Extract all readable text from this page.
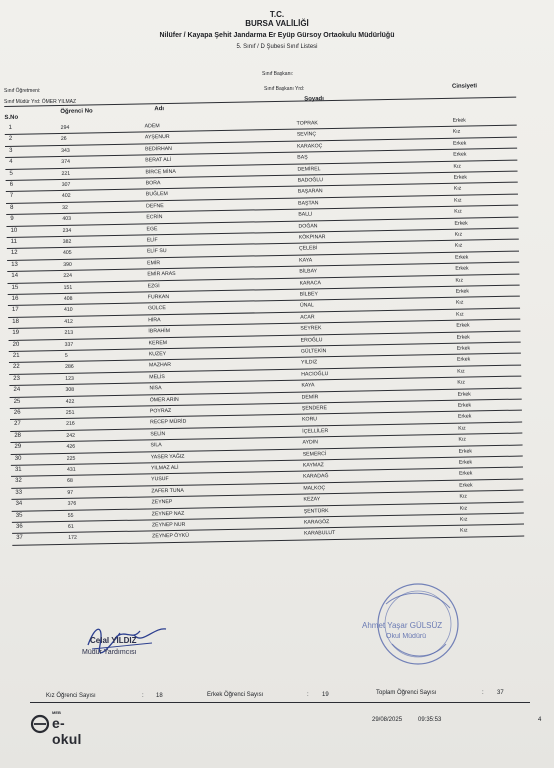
T.C.
BURSA VALİLİĞİ
Nilüfer / Kayapa Şehit Jandarma Er Eyüp Gürsoy Ortaokulu Müdürlüğü
5. Sınıf / D Şubesi Sınıf Listesi
Sınıf Başkanı:
Sınıf Öğretmeni:	Sınıf Başkanı Yrd:
Sınıf Müdür Yrd: ÖMER YILMAZ
Cinsiyeti
S.No
Öğrenci No	Adı
Soyadı
1	294	ADEM	TOPRAK	Erkek
2	26	AYŞENUR	SEVİNÇ	Kız
3	343	BEDİRHAN	KARAKOÇ	Erkek
4	374	BERAT ALİ	BAŞ	Erkek
5	221	BİRCE MİNA	DEMİREL	Kız
6	307	BORA	BADOĞLU	Erkek
7	402	BUĞLEM	BAŞARAN	Kız
8	32	DEFNE	BAŞTAN	Kız
9	403	ECRİN	BALLI	Kız
10	234	EGE	DOĞAN	Erkek
11	382	ELİF	KÖKPINAR	Kız
12	405	ELİF SU	ÇELEBİ	Kız
13	390	EMİR	KAYA	Erkek
14	224	EMİR ARAS	BİLBAY	Erkek
15	151	EZGİ	KARACA	Kız
16	408	FURKAN	BİLBEY	Erkek
17	410	GÜLCE	ÜNAL	Kız
18	412	HİRA	ACAR	Kız
19	213	İBRAHİM	SEYREK	Erkek
20	337	KEREM	EROĞLU	Erkek
21	5	KUZEY	GÜLTEKİN	Erkek
22	286	MAZHAR	YILDIZ	Erkek
23	123	MELİS	HACIOĞLU	Kız
24	308	NİSA	KAYA	Kız
25	422	ÖMER ARIN	DEMİR	Erkek
26	251	POYRAZ	ŞENDERE	Erkek
27	216	RECEP MÜRİD	KORU	Erkek
28	242	SELİN	İÇELLİLER	Kız
29	426	SILA	AYDIN	Kız
30	225	YASER YAĞIZ	SEMERCİ	Erkek
31	431	YILMAZ ALİ	KAYMAZ	Erkek
32	68	YUSUF	KARADAĞ	Erkek
33	97	ZAFER TUNA	MALKOÇ	Erkek
34	376	ZEYNEP	KEZAY	Kız
35	55	ZEYNEP NAZ	ŞENTÜRK	Kız
36	61	ZEYNEP NUR	KARAGÖZ	Kız
37	172	ZEYNEP ÖYKÜ	KARABULUT	Kız
Celal YILDIZ
Müdür Yardımcısı
Ahmet Yaşar GÜLSÜZ
Okul Müdürü
Kız Öğrenci Sayısı	: 18	Erkek Öğrenci Sayısı	: 19	Toplam Öğrenci Sayısı	: 37
MEB
e-okul
29/08/2025	09:35:53	4
